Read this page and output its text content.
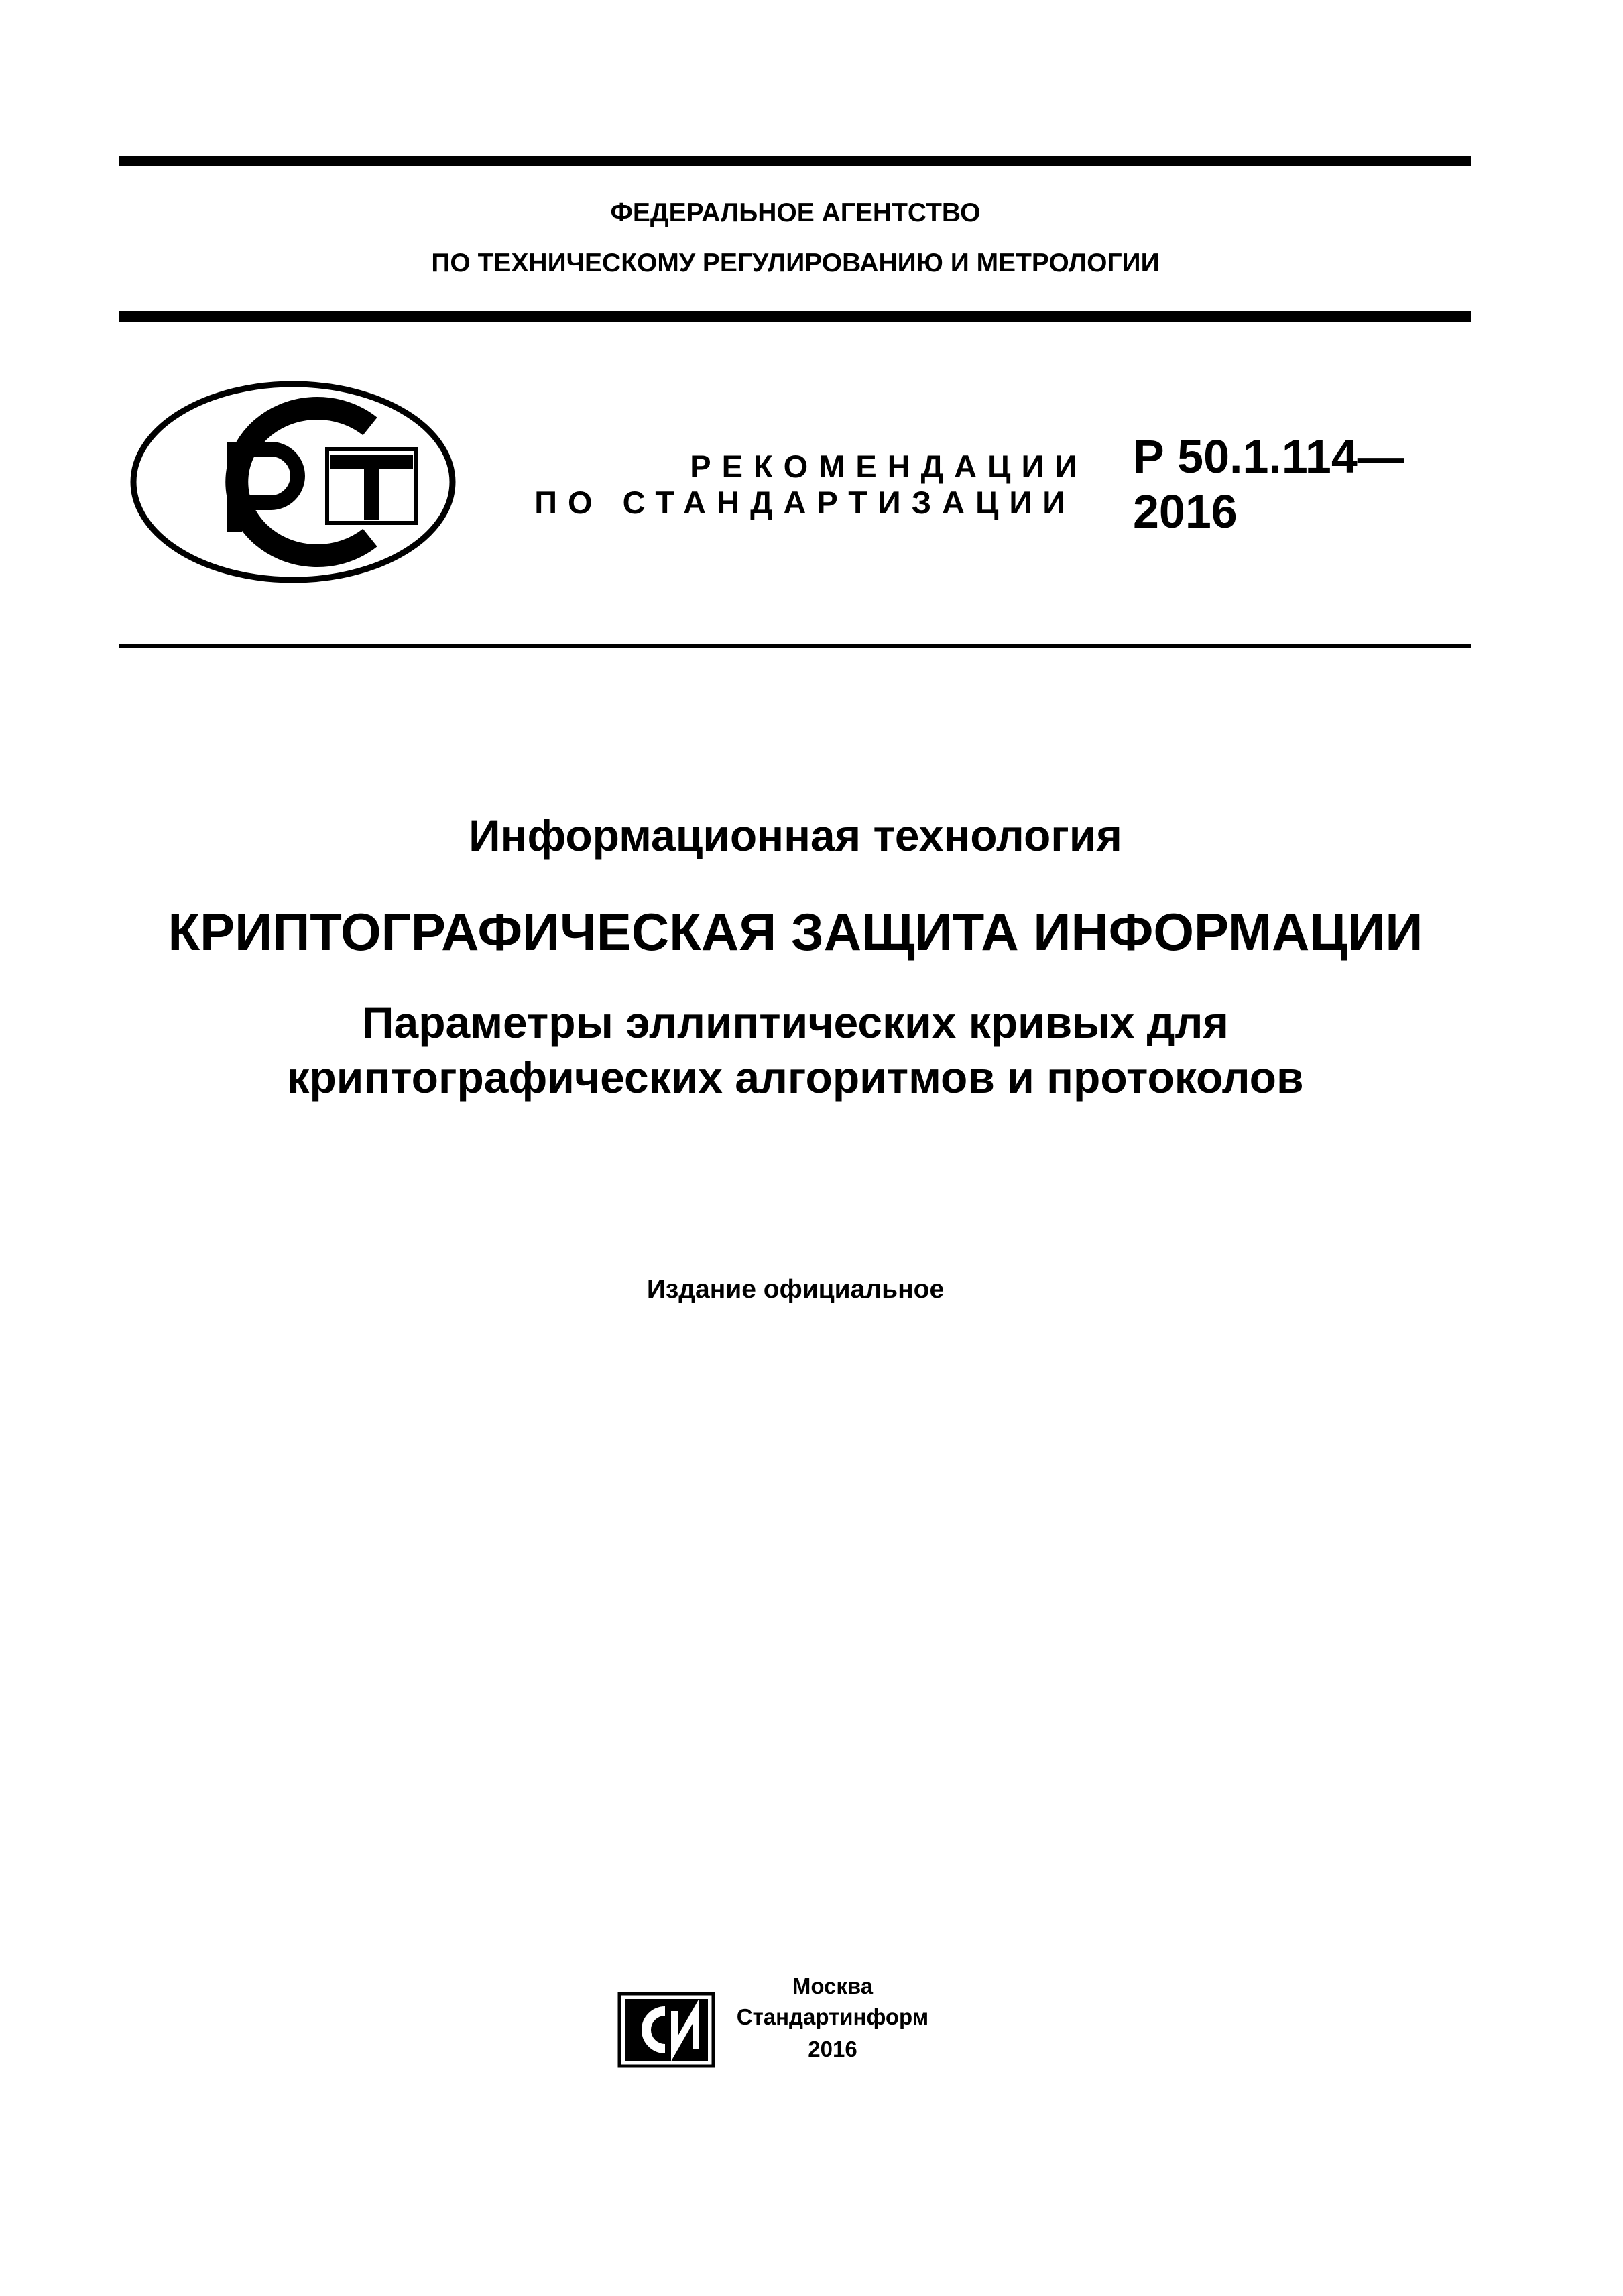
ФЕДЕРАЛЬНОЕ АГЕНТСТВО
ПО ТЕХНИЧЕСКОМУ РЕГУЛИРОВАНИЮ И МЕТРОЛОГИИ
РЕКОМЕНДАЦИИ
ПО СТАНДАРТИЗАЦИИ
Р 50.1.114—
2016
Информационная технология
КРИПТОГРАФИЧЕСКАЯ ЗАЩИТА ИНФОРМАЦИИ
Параметры эллиптических кривых для
криптографических алгоритмов и протоколов
Издание официальное
Москва
Стандартинформ
2016
